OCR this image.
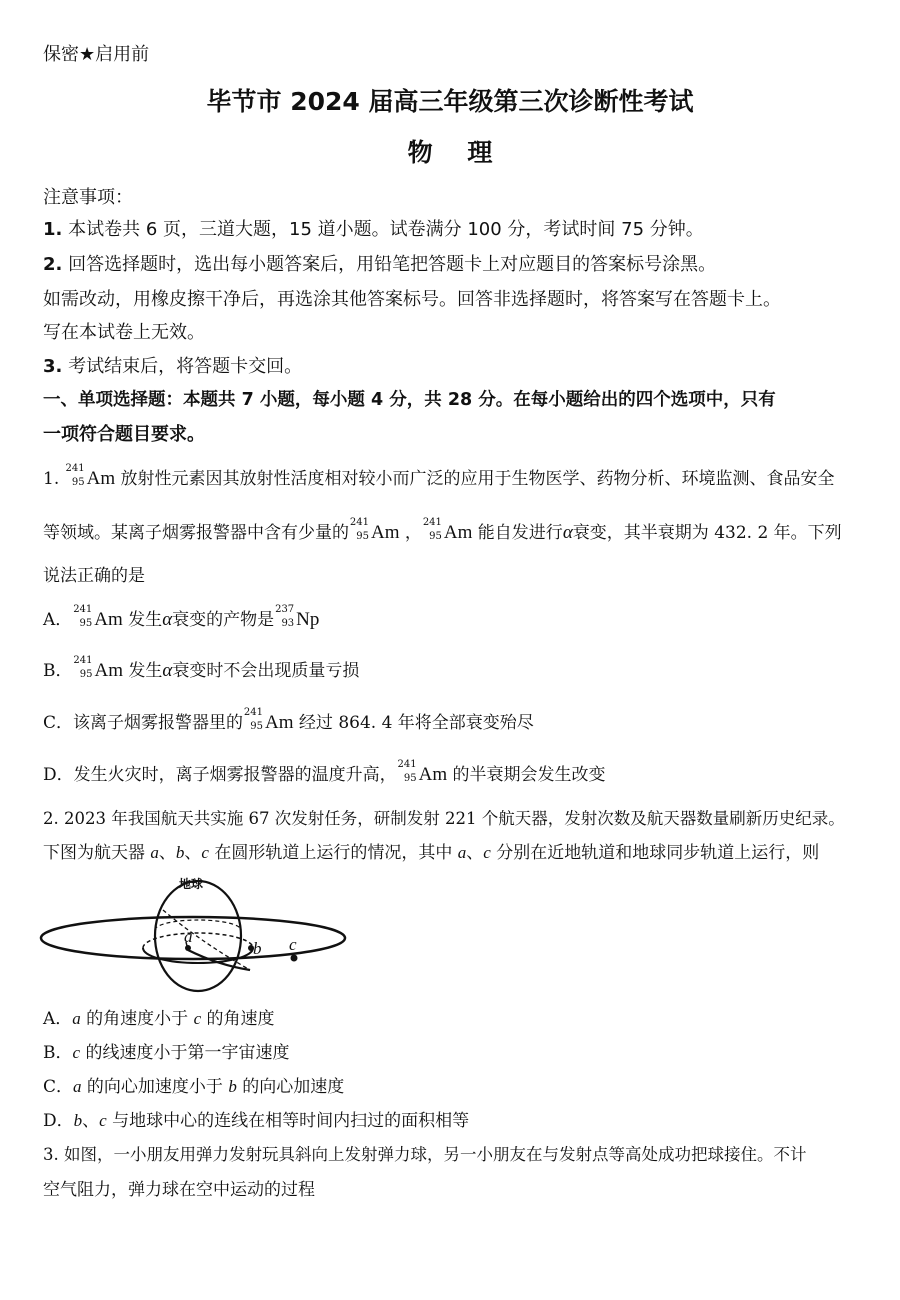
保密★启用前
毕节市 2024 届高三年级第三次诊断性考试
物    理
注意事项：
1. 本试卷共 6 页，三道大题，15 道小题。试卷满分 100 分，考试时间 75 分钟。
2. 回答选择题时，选出每小题答案后，用铅笔把答题卡上对应题目的答案标号涂黑。
如需改动，用橡皮擦干净后，再选涂其他答案标号。回答非选择题时，将答案写在答题卡上。
写在本试卷上无效。
3. 考试结束后，将答题卡交回。
一、单项选择题：本题共 7 小题，每小题 4 分，共 28 分。在每小题给出的四个选项中，只有
一项符合题目要求。
1.
241
95 Am 放射性元素因其放射性活度相对较小而广泛的应用于生物医学、药物分析、环境监测、食品安全
等领域。某离子烟雾报警器中含有少量的
241
95 Am ，
241
95 Am 能自发进行α衰变，其半衰期为 432. 2 年。下列
说法正确的是
A．
241
95 Am 发生α衰变的产物是
237
93 Np
B．
241
95 Am 发生α衰变时不会出现质量亏损
C．该离子烟雾报警器里的
241
95 Am 经过 864. 4 年将全部衰变殆尽
D．发生火灾时，离子烟雾报警器的温度升高，
241
95 Am 的半衰期会发生改变
2. 2023 年我国航天共实施 67 次发射任务，研制发射 221 个航天器，发射次数及航天器数量刷新历史纪录。
下图为航天器 a、b、c 在圆形轨道上运行的情况，其中 a、c 分别在近地轨道和地球同步轨道上运行，则
地球
a
b c
A．a 的角速度小于 c 的角速度
B．c 的线速度小于第一宇宙速度
C．a 的向心加速度小于 b 的向心加速度
D．b、c 与地球中心的连线在相等时间内扫过的面积相等
3. 如图，一小朋友用弹力发射玩具斜向上发射弹力球，另一小朋友在与发射点等高处成功把球接住。不计
空气阻力，弹力球在空中运动的过程
